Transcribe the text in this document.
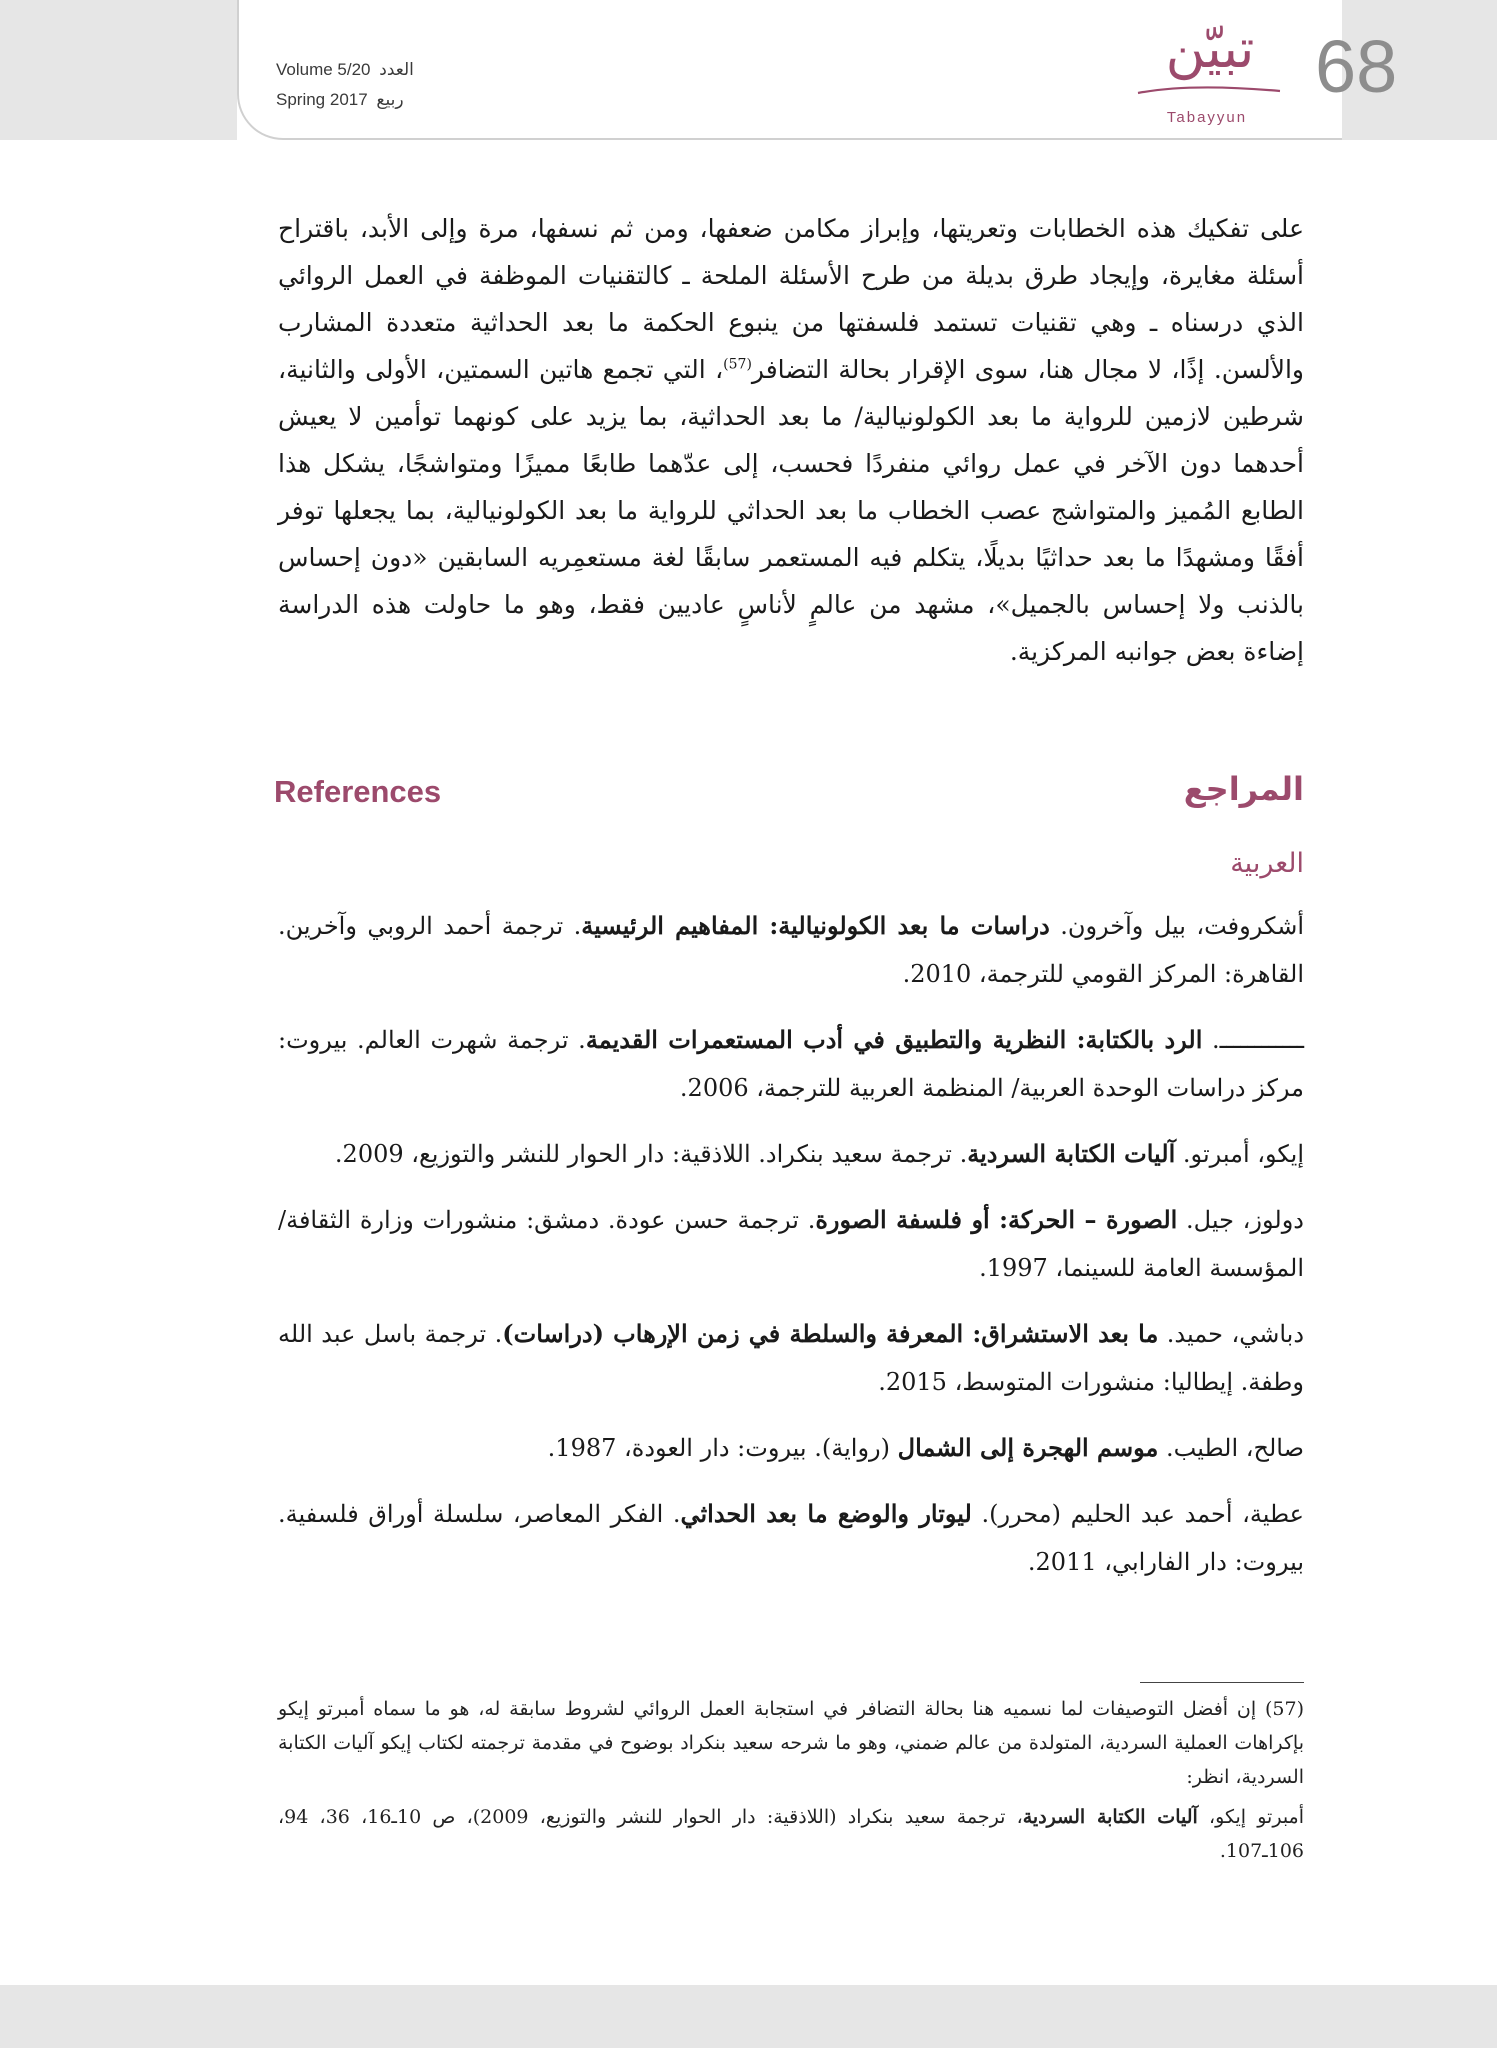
Volume 5/20 العدد
Spring 2017 ربيع
تبيّن
Tabayyun
68
على تفكيك هذه الخطابات وتعريتها، وإبراز مكامن ضعفها، ومن ثم نسفها، مرة وإلى الأبد، باقتراح أسئلة مغايرة، وإيجاد طرق بديلة من طرح الأسئلة الملحة ـ كالتقنيات الموظفة في العمل الروائي الذي درسناه ـ وهي تقنيات تستمد فلسفتها من ينبوع الحكمة ما بعد الحداثية متعددة المشارب والألسن. إذًا، لا مجال هنا، سوى الإقرار بحالة التضافر$^{(57)}$، التي تجمع هاتين السمتين، الأولى والثانية، شرطين لازمين للرواية ما بعد الكولونيالية/ ما بعد الحداثية، بما يزيد على كونهما توأمين لا يعيش أحدهما دون الآخر في عمل روائي منفردًا فحسب، إلى عدّهما طابعًا مميزًا ومتواشجًا، يشكل هذا الطابع المُميز والمتواشج عصب الخطاب ما بعد الحداثي للرواية ما بعد الكولونيالية، بما يجعلها توفر أفقًا ومشهدًا ما بعد حداثيًا بديلًا، يتكلم فيه المستعمر سابقًا لغة مستعمِريه السابقين «دون إحساس بالذنب ولا إحساس بالجميل»، مشهد من عالمٍ لأناسٍ عاديين فقط، وهو ما حاولت هذه الدراسة إضاءة بعض جوانبه المركزية.
المراجع
References
العربية

أشكروفت، بيل وآخرون. دراسات ما بعد الكولونيالية: المفاهيم الرئيسية. ترجمة أحمد الروبي وآخرين. القاهرة: المركز القومي للترجمة، 2010.

ــــــــــــ. الرد بالكتابة: النظرية والتطبيق في أدب المستعمرات القديمة. ترجمة شهرت العالم. بيروت: مركز دراسات الوحدة العربية/ المنظمة العربية للترجمة، 2006.

إيكو، أمبرتو. آليات الكتابة السردية. ترجمة سعيد بنكراد. اللاذقية: دار الحوار للنشر والتوزيع، 2009.

دولوز، جيل. الصورة – الحركة: أو فلسفة الصورة. ترجمة حسن عودة. دمشق: منشورات وزارة الثقافة/ المؤسسة العامة للسينما، 1997.

دباشي، حميد. ما بعد الاستشراق: المعرفة والسلطة في زمن الإرهاب (دراسات). ترجمة باسل عبد الله وطفة. إيطاليا: منشورات المتوسط، 2015.

صالح، الطيب. موسم الهجرة إلى الشمال (رواية). بيروت: دار العودة، 1987.

عطية، أحمد عبد الحليم (محرر). ليوتار والوضع ما بعد الحداثي. الفكر المعاصر، سلسلة أوراق فلسفية. بيروت: دار الفارابي، 2011.

(57) إن أفضل التوصيفات لما نسميه هنا بحالة التضافر في استجابة العمل الروائي لشروط سابقة له، هو ما سماه أمبرتو إيكو بإكراهات العملية السردية، المتولدة من عالم ضمني، وهو ما شرحه سعيد بنكراد بوضوح في مقدمة ترجمته لكتاب إيكو آليات الكتابة السردية، انظر:

أمبرتو إيكو، آليات الكتابة السردية، ترجمة سعيد بنكراد (اللاذقية: دار الحوار للنشر والتوزيع، 2009)، ص 10ـ16، 36، 94، 106ـ107.
